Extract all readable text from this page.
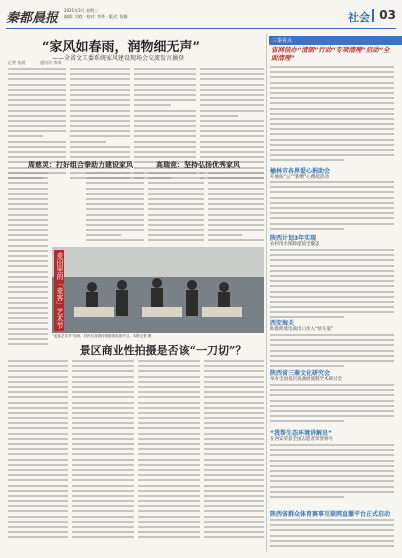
秦都晨报
2021年3月 星期三
编辑: 刘欣 · 校对: 李华 · 版式: 张颖	社会 03
“家风如春雨，润物细无声”
——全省文工委系统家风建设现场会交流发言摘登
记者 张晨	通讯员 李涛
周慈灵：打好组合拳助力建设家风	高瑞竞：坚持弘扬优秀家风
麦田里的「麦客」艺术节
“麦客艺术节”现场，村民们身着传统服饰表演节目。本报记者 摄
景区商业性拍摄是否该“一刀切”？
三秦看点
省网信办“清朗”行动“专项清理”启动“全面清理”
榆林市各界爱心捐助会
开展扶“公”“新赠”心理疏活动
陕西计划3年实现
农村用水保障提质全覆盖
西安海关
助推跨境电商出口步入“快车道”
陕西省三秦文化研究会
举办全国基层戏曲展演暨学术研讨会
“我帮生态环境讲解员”
在西安荣获全国志愿者荣誉称号
陕西省群众体育赛事互联网直播平台正式启动
